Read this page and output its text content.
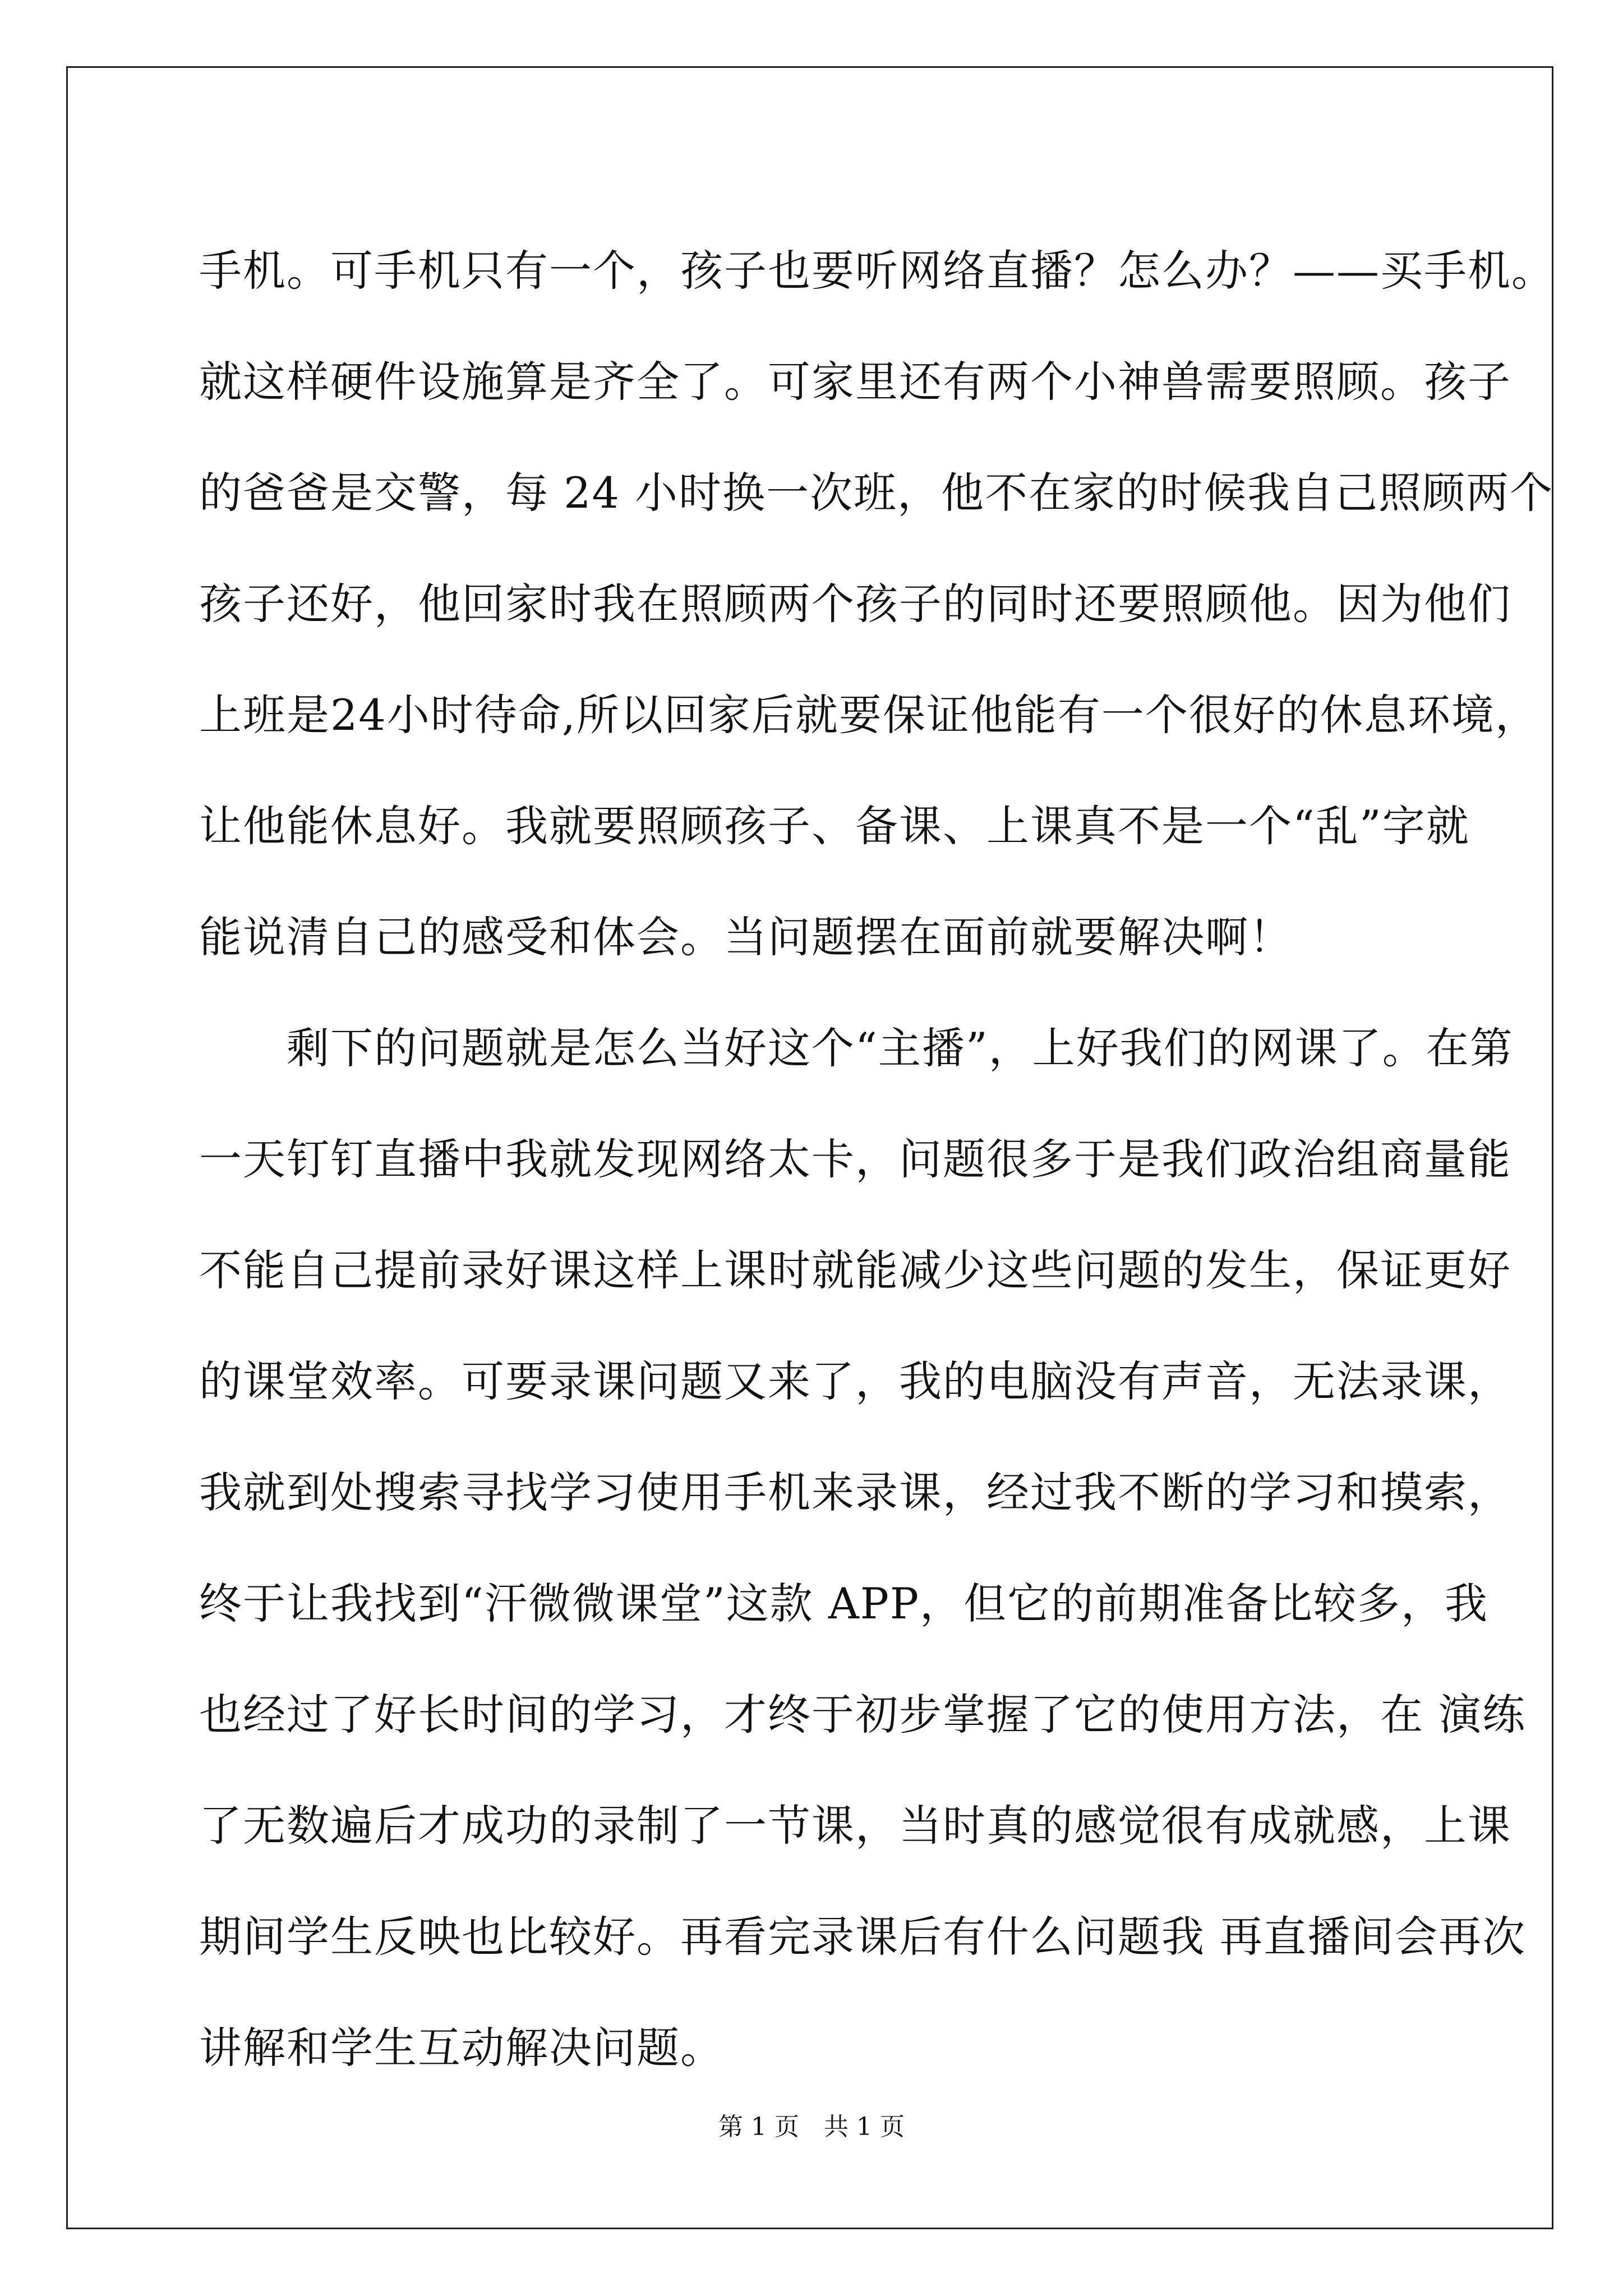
手机。可手机只有一个，孩子也要听网络直播？怎么办？——买手机。
就这样硬件设施算是齐全了。可家里还有两个小神兽需要照顾。孩子
的爸爸是交警，每 24 小时换一次班，他不在家的时候我自己照顾两个
孩子还好，他回家时我在照顾两个孩子的同时还要照顾他。因为他们
上班是24小时待命,所以回家后就要保证他能有一个很好的休息环境，
让他能休息好。我就要照顾孩子、备课、上课真不是一个“乱”字就
能说清自己的感受和体会。当问题摆在面前就要解决啊！
　　剩下的问题就是怎么当好这个“主播”，上好我们的网课了。在第
一天钉钉直播中我就发现网络太卡，问题很多于是我们政治组商量能
不能自己提前录好课这样上课时就能减少这些问题的发生，保证更好
的课堂效率。可要录课问题又来了，我的电脑没有声音，无法录课，
我就到处搜索寻找学习使用手机来录课，经过我不断的学习和摸索，
终于让我找到“汗微微课堂”这款 APP，但它的前期准备比较多，我
也经过了好长时间的学习，才终于初步掌握了它的使用方法，在 演练
了无数遍后才成功的录制了一节课，当时真的感觉很有成就感，上课
期间学生反映也比较好。再看完录课后有什么问题我 再直播间会再次
讲解和学生互动解决问题。
第 1 页　共 1 页
